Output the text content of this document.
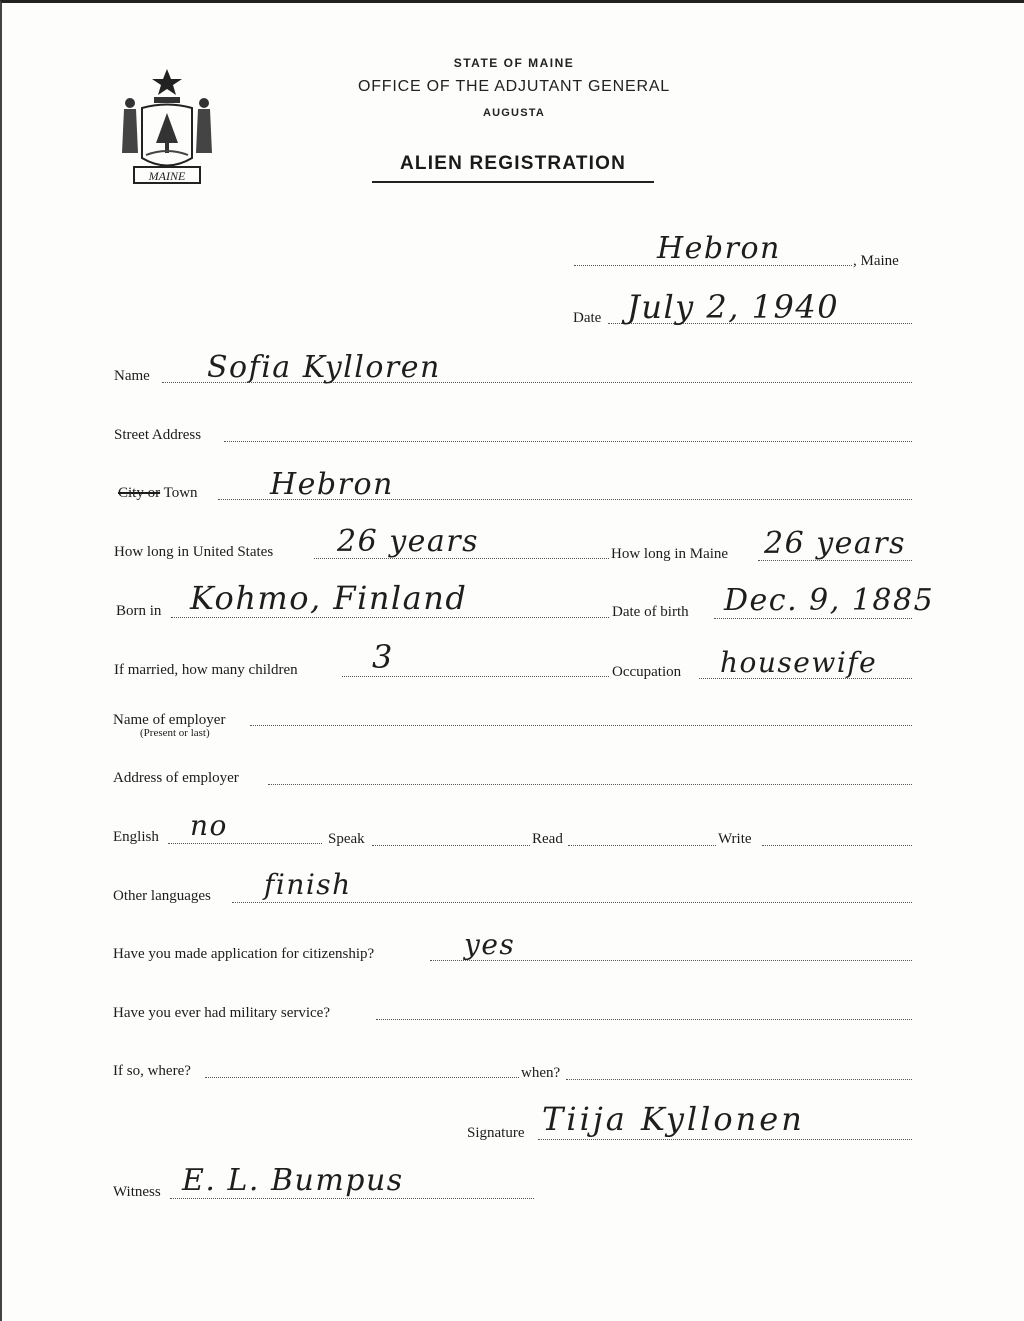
MAINE
STATE OF MAINE
OFFICE OF THE ADJUTANT GENERAL
AUGUSTA
ALIEN REGISTRATION
Hebron	, Maine
Date July 2, 1940
Name Sofia Kylloren
Street Address
City or Town Hebron
How long in United States 26 years	How long in Maine 26 years
Born in Kohmo, Finland	Date of birth Dec. 9, 1885
If married, how many children 3	Occupation housewife
Name of employer
(Present or last)
Address of employer
English no	Speak	Read	Write
Other languages finish
Have you made application for citizenship?	yes
Have you ever had military service?
If so, where?	when?
Signature Tiija Kyllonen
Witness E. L. Bumpus
